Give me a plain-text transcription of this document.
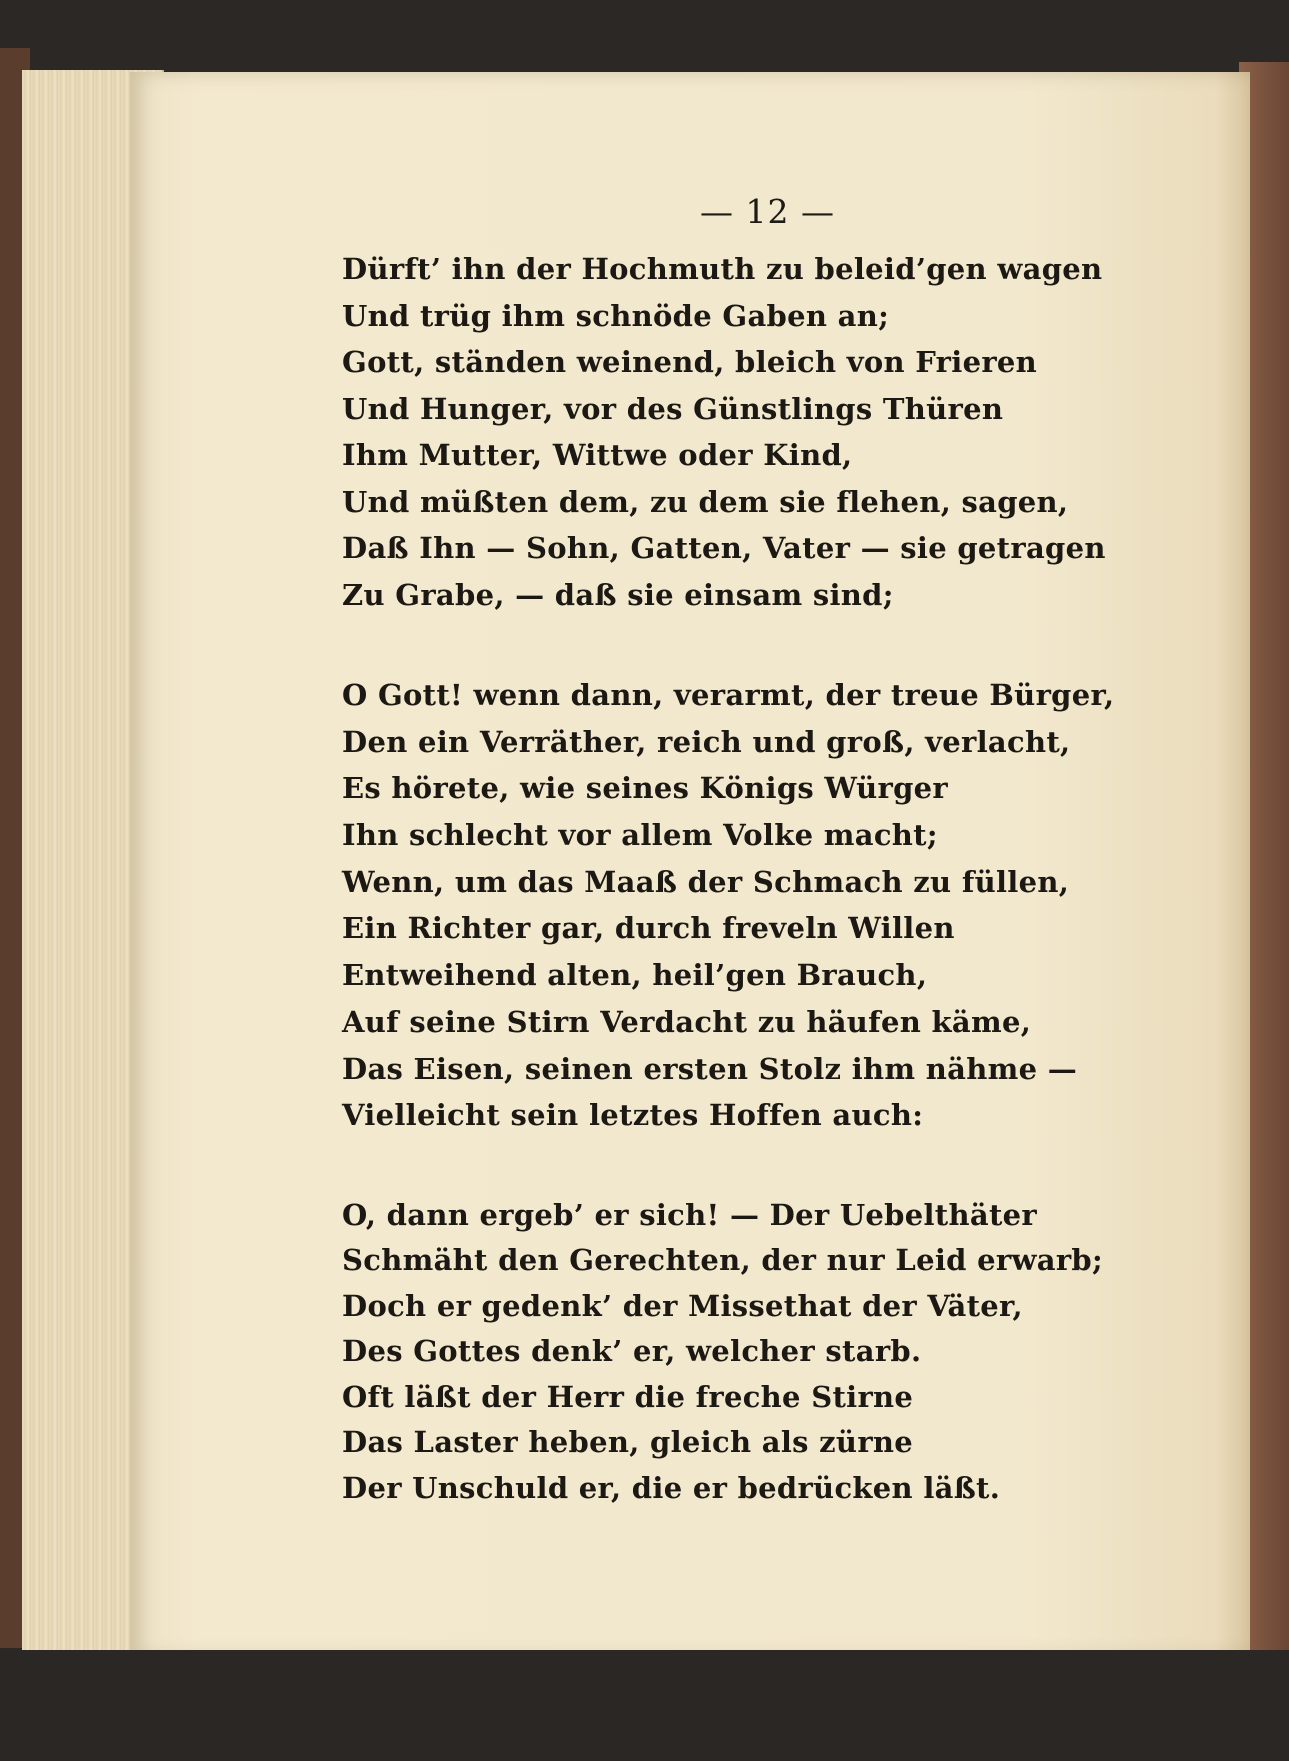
— 12 —
Dürft’ ihn der Hochmuth zu beleid’gen wagen
Und trüg ihm schnöde Gaben an;
Gott, ständen weinend, bleich von Frieren
Und Hunger, vor des Günstlings Thüren
Ihm Mutter, Wittwe oder Kind,
Und müßten dem, zu dem sie flehen, sagen,
Daß Ihn — Sohn, Gatten, Vater — sie getragen
Zu Grabe, — daß sie einsam sind;
O Gott! wenn dann, verarmt, der treue Bürger,
Den ein Verräther, reich und groß, verlacht,
Es hörete, wie seines Königs Würger
Ihn schlecht vor allem Volke macht;
Wenn, um das Maaß der Schmach zu füllen,
Ein Richter gar, durch freveln Willen
Entweihend alten, heil’gen Brauch,
Auf seine Stirn Verdacht zu häufen käme,
Das Eisen, seinen ersten Stolz ihm nähme —
Vielleicht sein letztes Hoffen auch:
O, dann ergeb’ er sich! — Der Uebelthäter
Schmäht den Gerechten, der nur Leid erwarb;
Doch er gedenk’ der Missethat der Väter,
Des Gottes denk’ er, welcher starb.
Oft läßt der Herr die freche Stirne
Das Laster heben, gleich als zürne
Der Unschuld er, die er bedrücken läßt.
